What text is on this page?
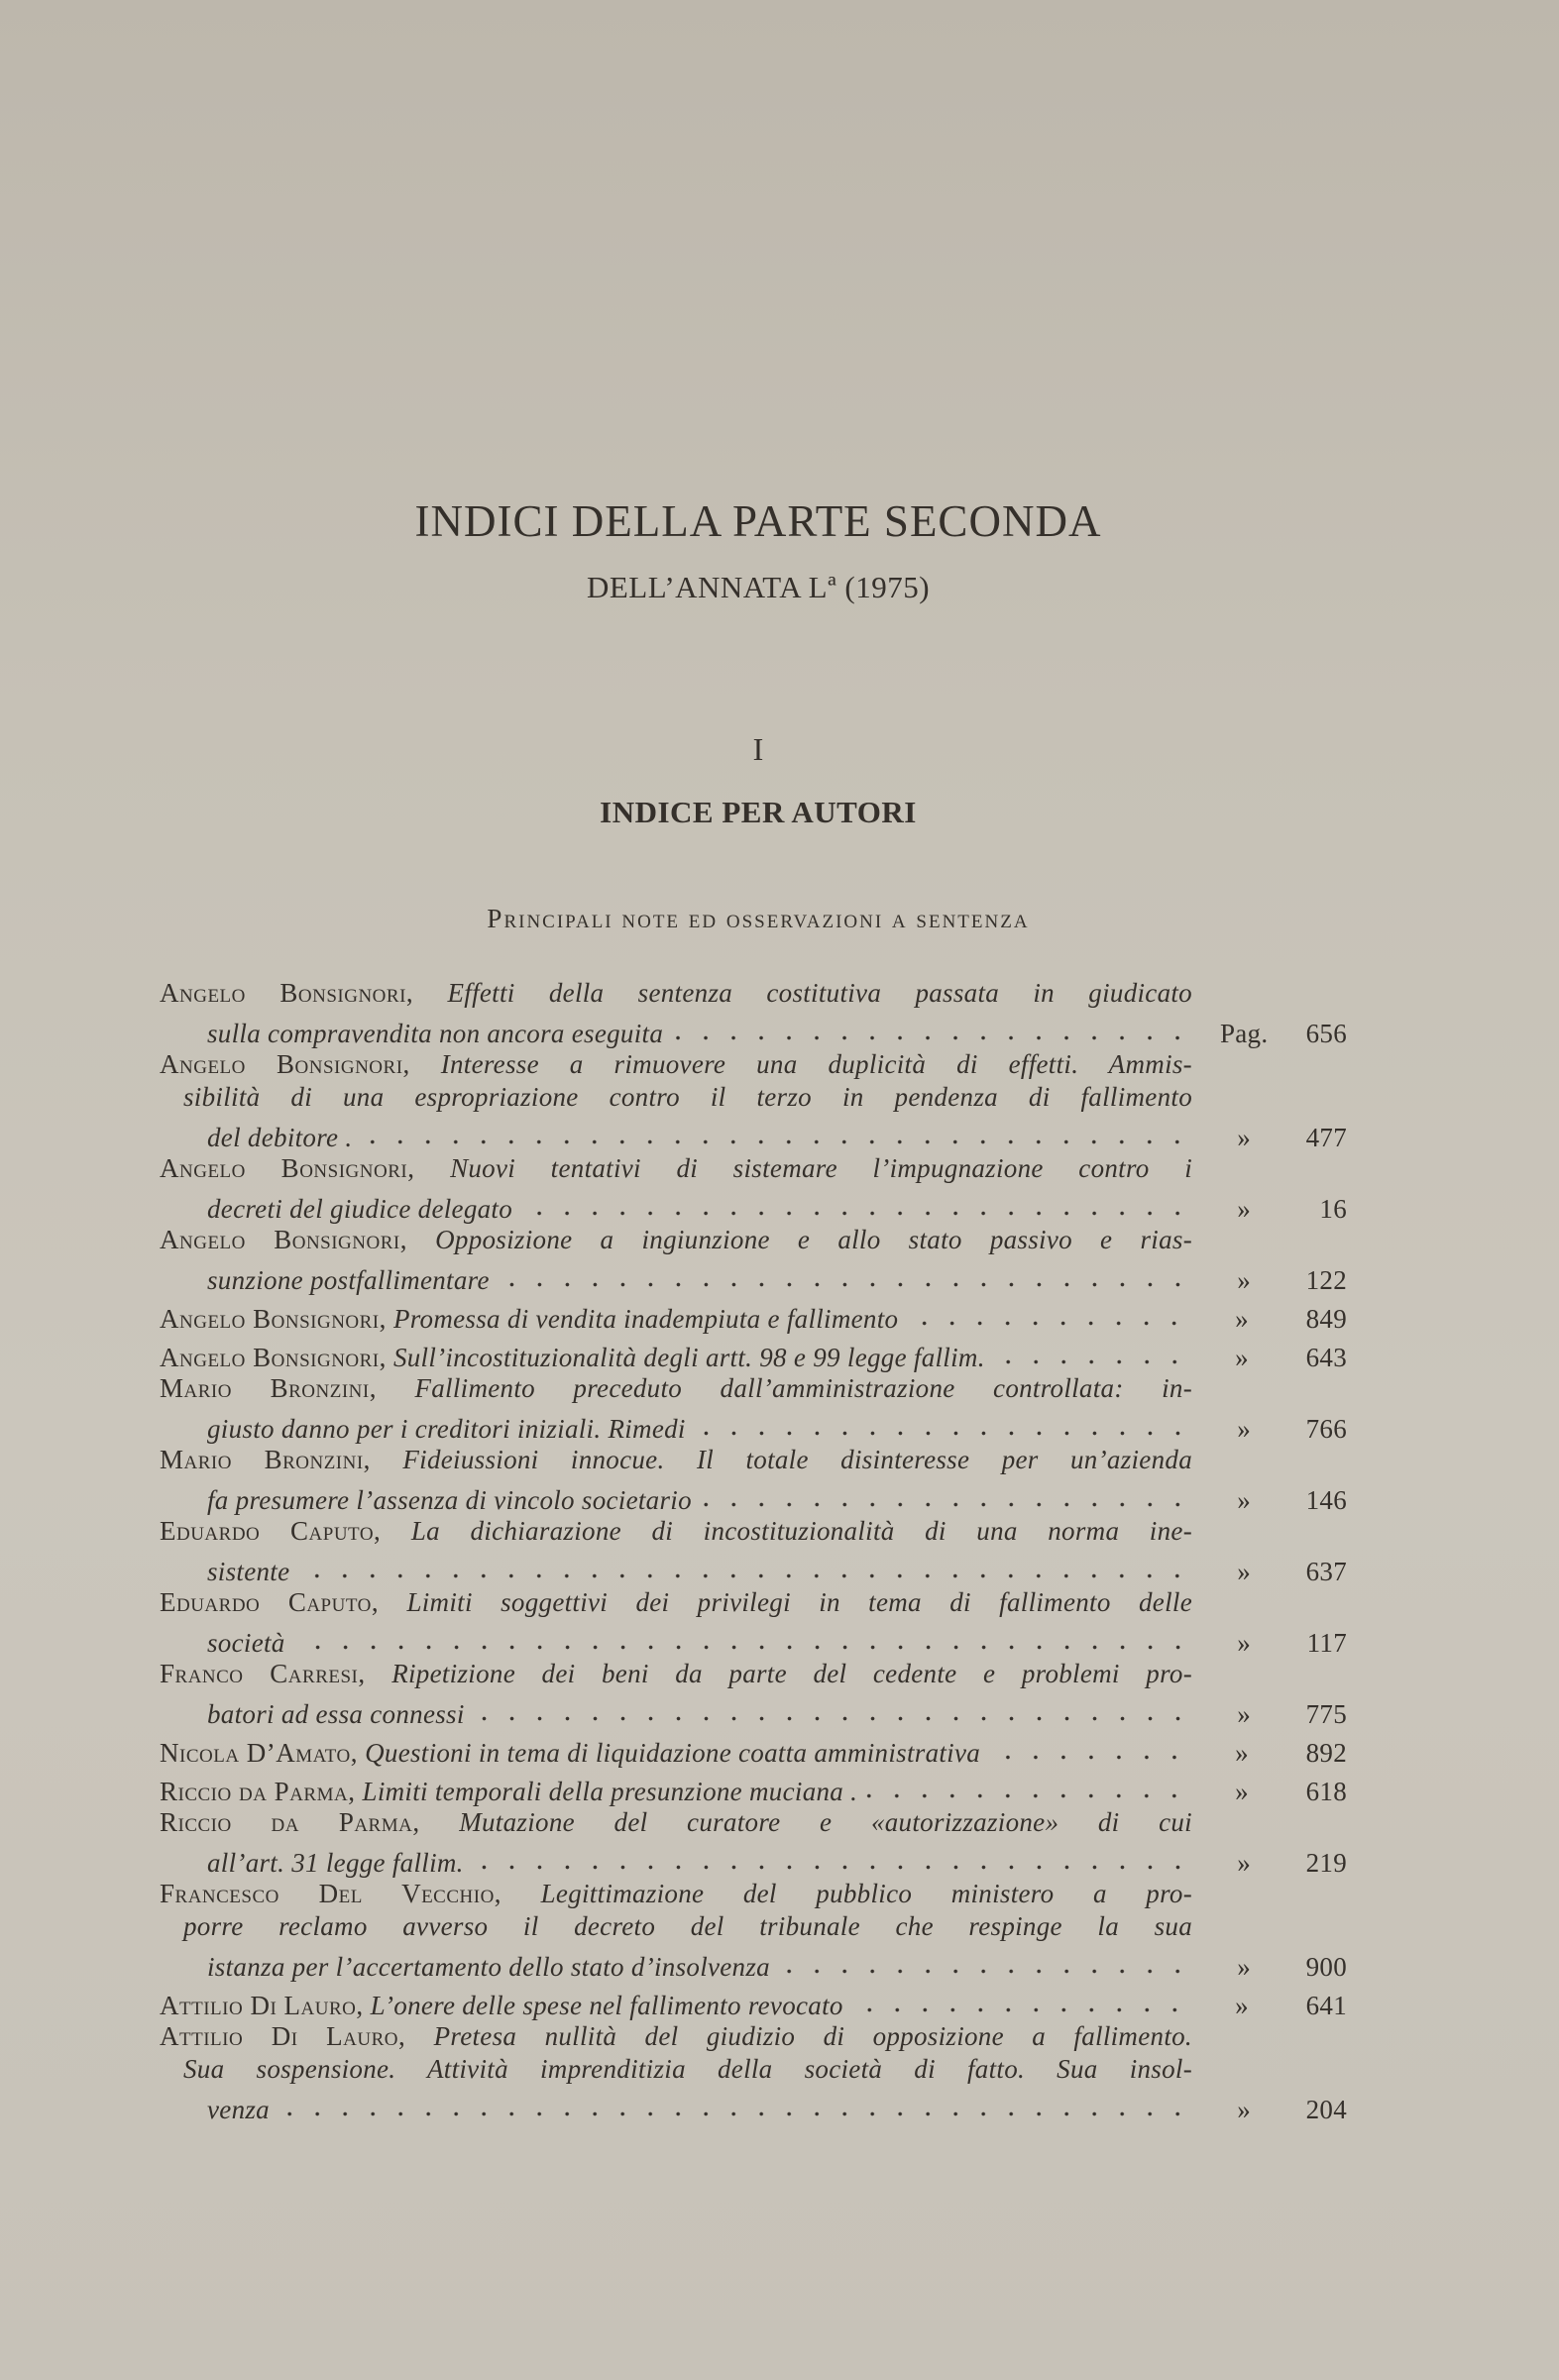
INDICI DELLA PARTE SECONDA
DELL’ANNATA Lª (1975)
I
INDICE PER AUTORI
Principali note ed osservazioni a sentenza
Angelo Bonsignori, Effetti della sentenza costitutiva passata in giudicato
sulla compravendita non ancora eseguita	Pag.	656
Angelo Bonsignori, Interesse a rimuovere una duplicità di effetti. Ammis-
sibilità di una espropriazione contro il terzo in pendenza di fallimento
del debitore .	»	477
Angelo Bonsignori, Nuovi tentativi di sistemare l’impugnazione contro i
decreti del giudice delegato	»	16
Angelo Bonsignori, Opposizione a ingiunzione e allo stato passivo e rias-
sunzione postfallimentare	»	122
Angelo Bonsignori, Promessa di vendita inadempiuta e fallimento	»	849
Angelo Bonsignori, Sull’incostituzionalità degli artt. 98 e 99 legge fallim.	»	643
Mario Bronzini, Fallimento preceduto dall’amministrazione controllata: in-
giusto danno per i creditori iniziali. Rimedi	»	766
Mario Bronzini, Fideiussioni innocue. Il totale disinteresse per un’azienda
fa presumere l’assenza di vincolo societario	»	146
Eduardo Caputo, La dichiarazione di incostituzionalità di una norma ine-
sistente	»	637
Eduardo Caputo, Limiti soggettivi dei privilegi in tema di fallimento delle
società	»	117
Franco Carresi, Ripetizione dei beni da parte del cedente e problemi pro-
batori ad essa connessi	»	775
Nicola D’Amato, Questioni in tema di liquidazione coatta amministrativa	»	892
Riccio da Parma, Limiti temporali della presunzione muciana .	»	618
Riccio da Parma, Mutazione del curatore e «autorizzazione» di cui
all’art. 31 legge fallim.	»	219
Francesco Del Vecchio, Legittimazione del pubblico ministero a pro-
porre reclamo avverso il decreto del tribunale che respinge la sua
istanza per l’accertamento dello stato d’insolvenza	»	900
Attilio Di Lauro, L’onere delle spese nel fallimento revocato	»	641
Attilio Di Lauro, Pretesa nullità del giudizio di opposizione a fallimento.
Sua sospensione. Attività imprenditizia della società di fatto. Sua insol-
venza	»	204
